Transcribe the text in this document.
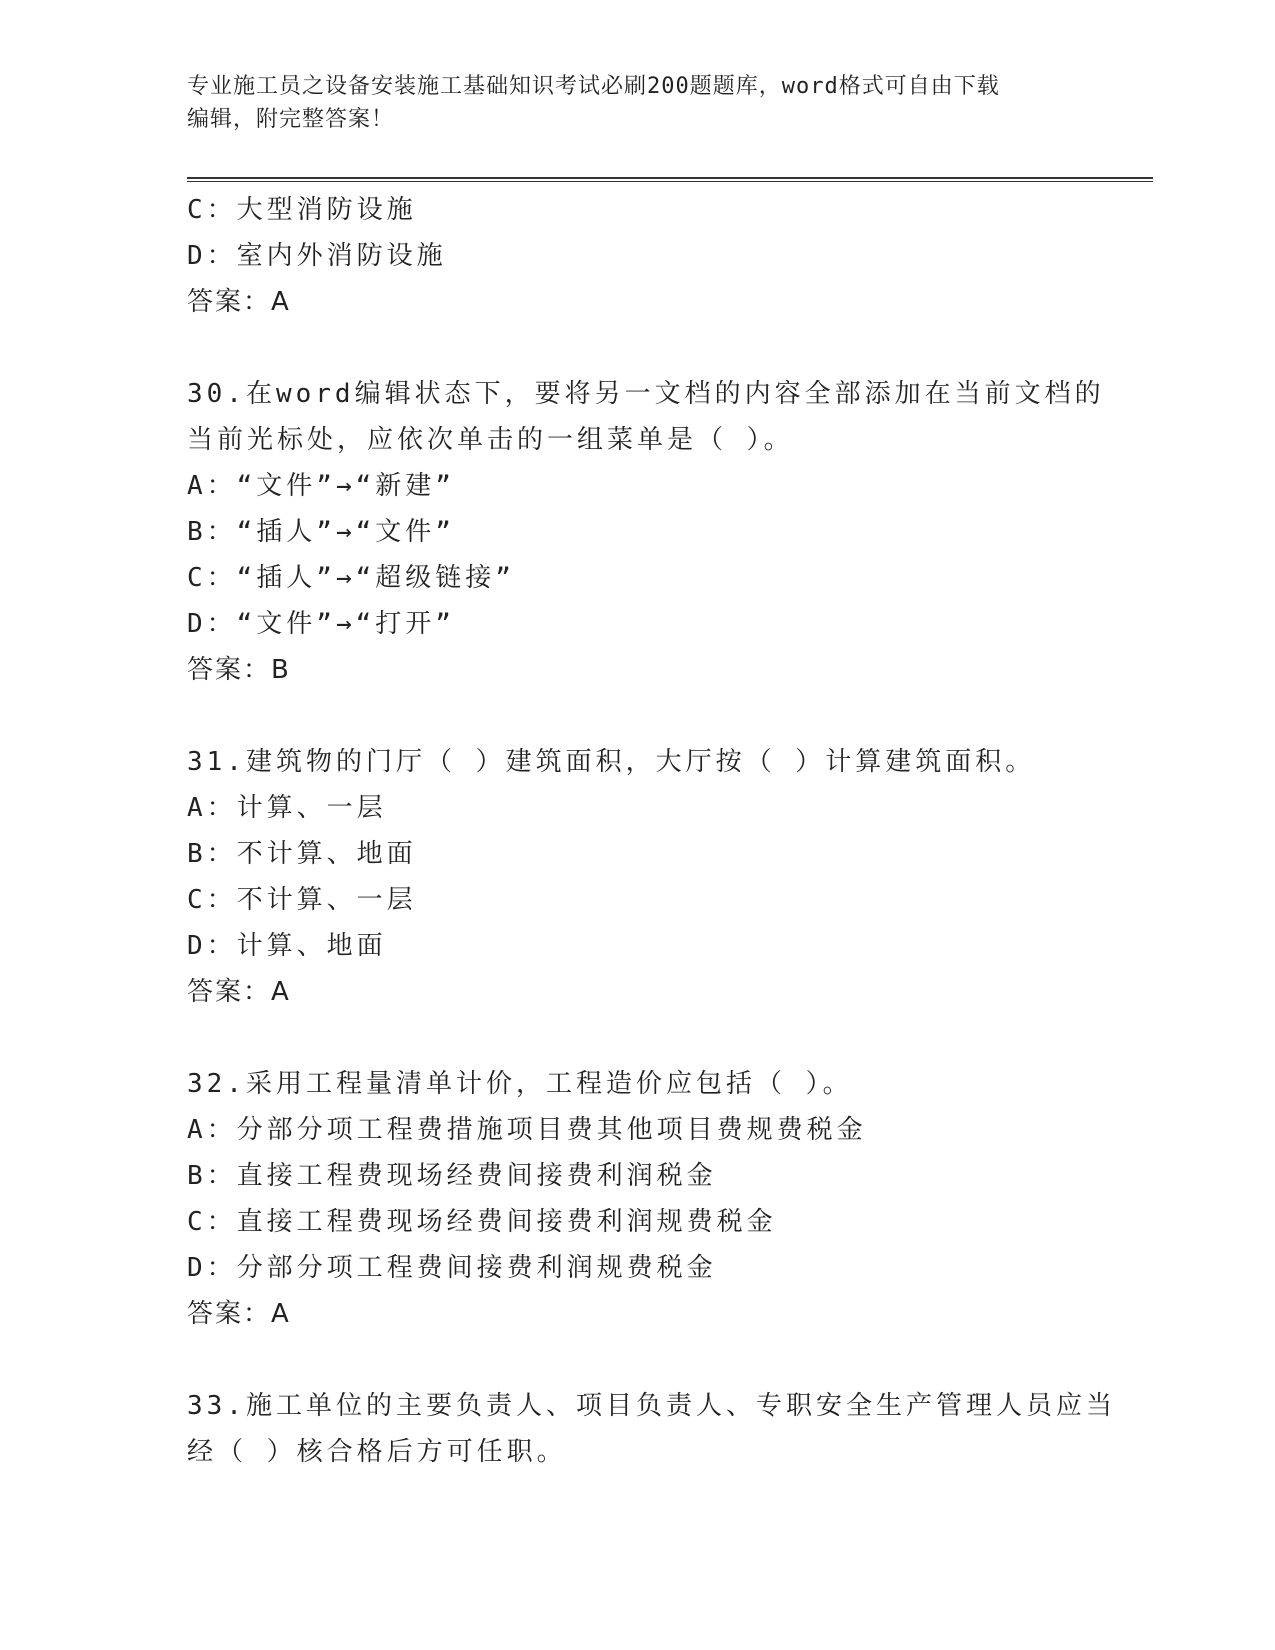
专业施工员之设备安装施工基础知识考试必刷200题题库，word格式可自由下载
编辑，附完整答案！
C：大型消防设施
D：室内外消防设施
答案：A
30.在word编辑状态下，要将另一文档的内容全部添加在当前文档的
当前光标处，应依次单击的一组菜单是（ ）。
A：“文件”→“新建”
B：“插人”→“文件”
C：“插人”→“超级链接”
D：“文件”→“打开”
答案：B
31.建筑物的门厅（ ）建筑面积，大厅按（ ）计算建筑面积。
A：计算、一层
B：不计算、地面
C：不计算、一层
D：计算、地面
答案：A
32.采用工程量清单计价，工程造价应包括（ ）。
A：分部分项工程费措施项目费其他项目费规费税金
B：直接工程费现场经费间接费利润税金
C：直接工程费现场经费间接费利润规费税金
D：分部分项工程费间接费利润规费税金
答案：A
33.施工单位的主要负责人、项目负责人、专职安全生产管理人员应当
经（ ）核合格后方可任职。
